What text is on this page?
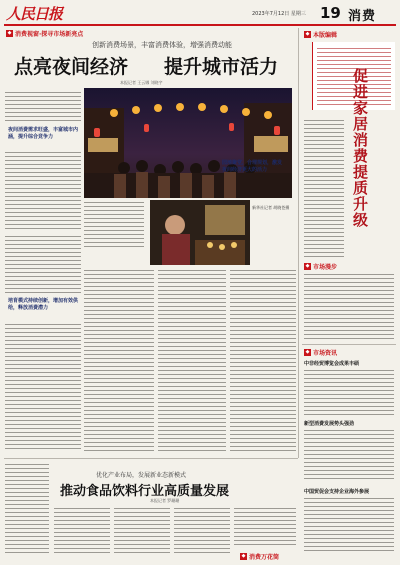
人民日报	2023年7月12日 星期三 19 消费
◆ 消费视窗·探寻市场新亮点
创新消费场景，丰富消费体验，增强消费动能
点亮夜间经济 提升城市活力
本报记者 王云娜 刘晓宇
夜间消费需求旺盛，丰富城市内涵，提升综合竞争力
新华社记者 胡晓苍摄
园地聚堂，合理规划，激发夜间经济更大的活力
培育模式持续创新，增加有效供给，释放消费潜力
◆ 本版编辑
促进家居消费提质升级
◆ 市场漫步
◆ 市场资讯
中非经贸博览会成果丰硕
新型消费发展势头强劲
中国贸促会支持企业海外参展
优化产业布局，发展新业态新模式
推动食品饮料行业高质量发展
本报记者 罗珊珊
◆ 消费万花筒
